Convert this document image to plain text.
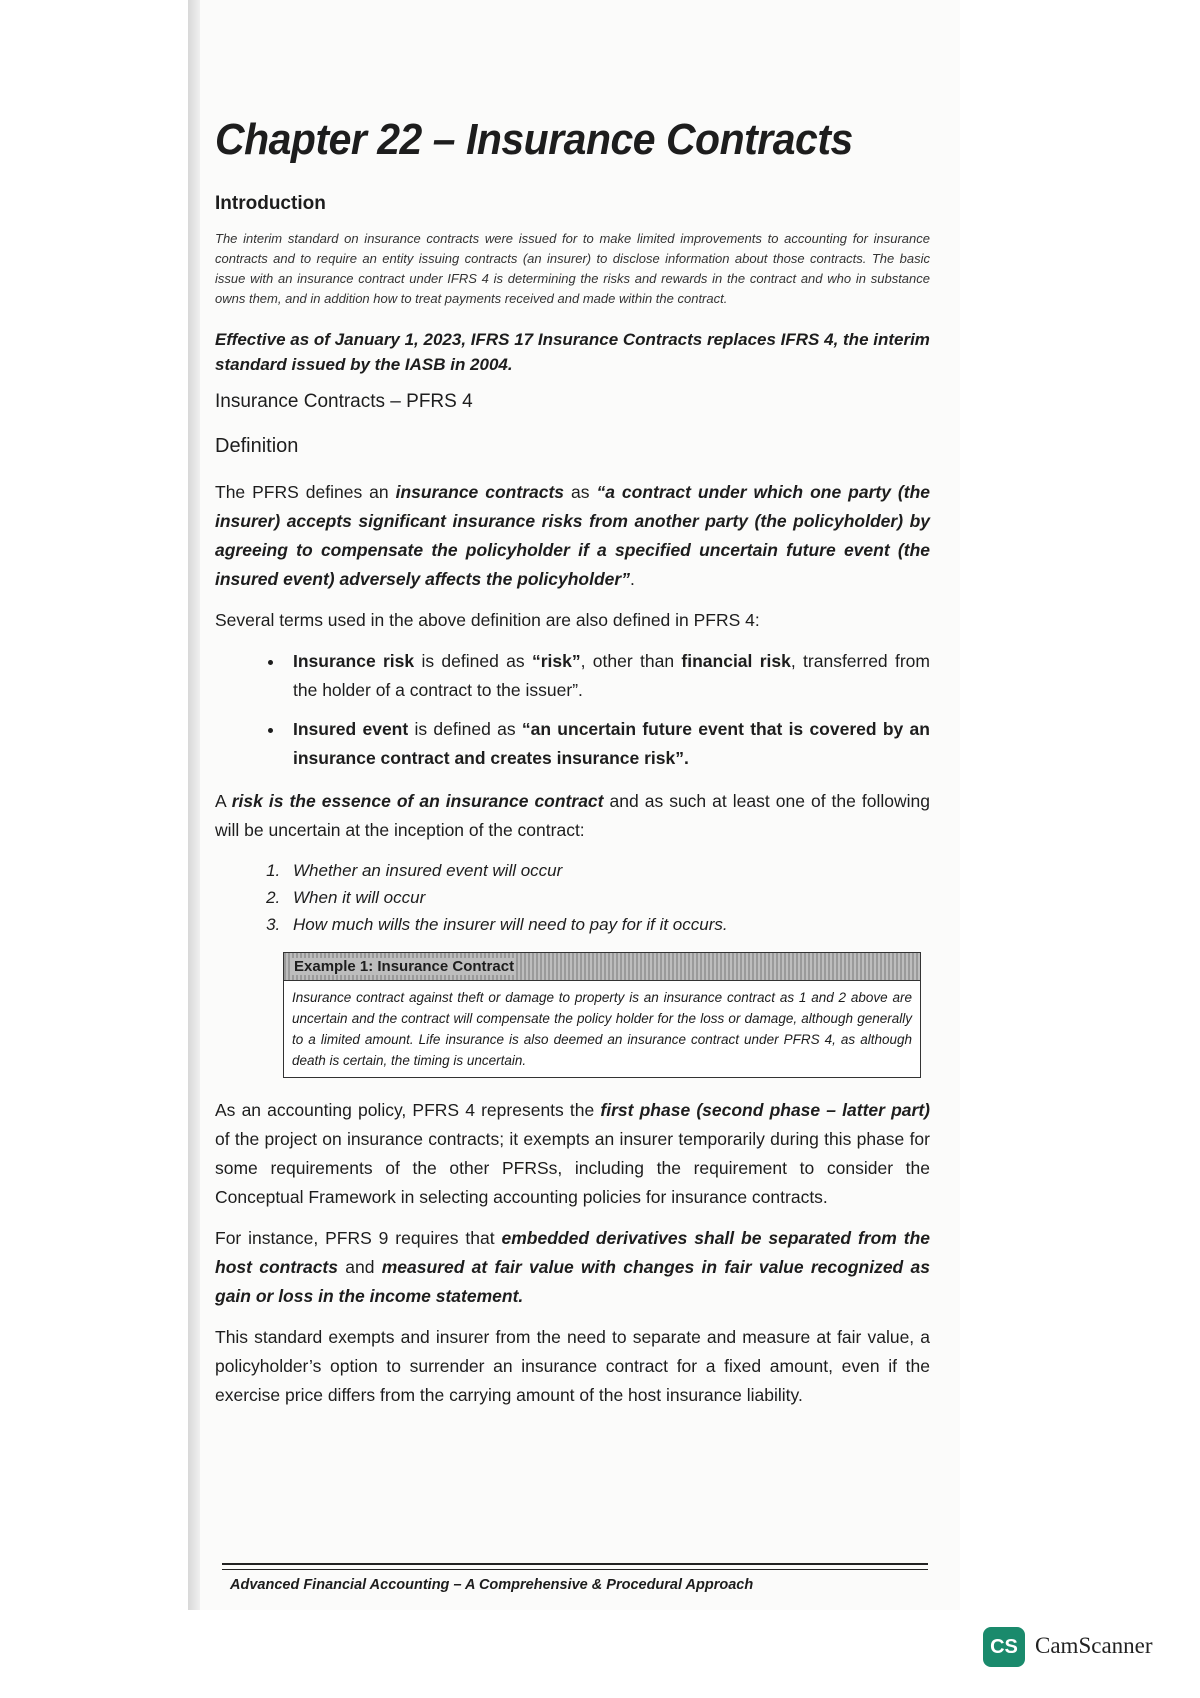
Chapter 22 – Insurance Contracts
Introduction

The interim standard on insurance contracts were issued for to make limited improvements to accounting for insurance contracts and to require an entity issuing contracts (an insurer) to disclose information about those contracts. The basic issue with an insurance contract under IFRS 4 is determining the risks and rewards in the contract and who in substance owns them, and in addition how to treat payments received and made within the contract.

Effective as of January 1, 2023, IFRS 17 Insurance Contracts replaces IFRS 4, the interim standard issued by the IASB in 2004.

Insurance Contracts – PFRS 4
Definition

The PFRS defines an insurance contracts as “a contract under which one party (the insurer) accepts significant insurance risks from another party (the policyholder) by agreeing to compensate the policyholder if a specified uncertain future event (the insured event) adversely affects the policyholder”.

Several terms used in the above definition are also defined in PFRS 4:

• Insurance risk is defined as “risk”, other than financial risk, transferred from the holder of a contract to the issuer”.
• Insured event is defined as “an uncertain future event that is covered by an insurance contract and creates insurance risk”.

A risk is the essence of an insurance contract and as such at least one of the following will be uncertain at the inception of the contract:

1. Whether an insured event will occur
2. When it will occur
3. How much wills the insurer will need to pay for if it occurs.
Example 1: Insurance Contract
Insurance contract against theft or damage to property is an insurance contract as 1 and 2 above are uncertain and the contract will compensate the policy holder for the loss or damage, although generally to a limited amount. Life insurance is also deemed an insurance contract under PFRS 4, as although death is certain, the timing is uncertain.

As an accounting policy, PFRS 4 represents the first phase (second phase – latter part) of the project on insurance contracts; it exempts an insurer temporarily during this phase for some requirements of the other PFRSs, including the requirement to consider the Conceptual Framework in selecting accounting policies for insurance contracts.

For instance, PFRS 9 requires that embedded derivatives shall be separated from the host contracts and measured at fair value with changes in fair value recognized as gain or loss in the income statement.

This standard exempts and insurer from the need to separate and measure at fair value, a policyholder’s option to surrender an insurance contract for a fixed amount, even if the exercise price differs from the carrying amount of the host insurance liability.

Advanced Financial Accounting – A Comprehensive & Procedural Approach
CS CamScanner
